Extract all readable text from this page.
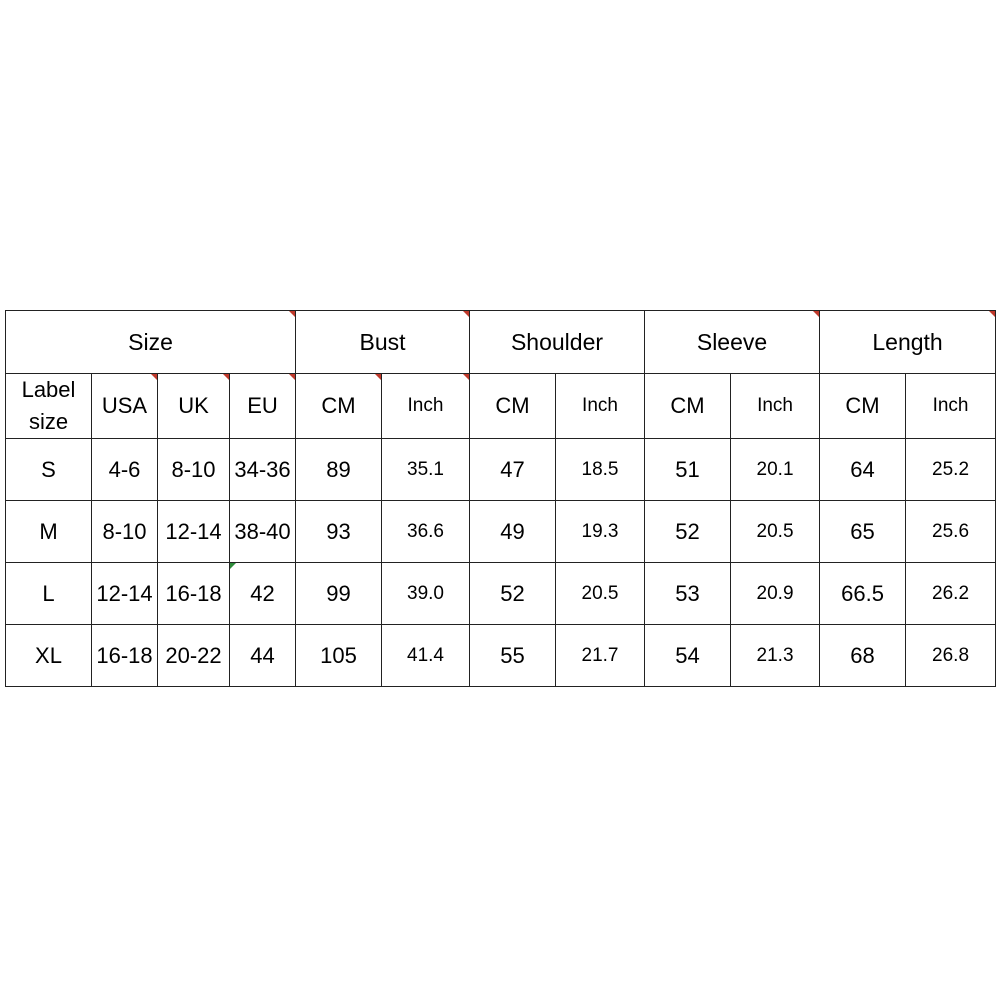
Size				Bust		Shoulder		Sleeve		Length	

Label size	USA	UK	EU	CM	Inch	CM	Inch	CM	Inch	CM	Inch
S	4-6	8-10	34-36	89	35.1	47	18.5	51	20.1	64	25.2
M	8-10	12-14	38-40	93	36.6	49	19.3	52	20.5	65	25.6
L	12-14	16-18	42	99	39.0	52	20.5	53	20.9	66.5	26.2
XL	16-18	20-22	44	105	41.4	55	21.7	54	21.3	68	26.8
